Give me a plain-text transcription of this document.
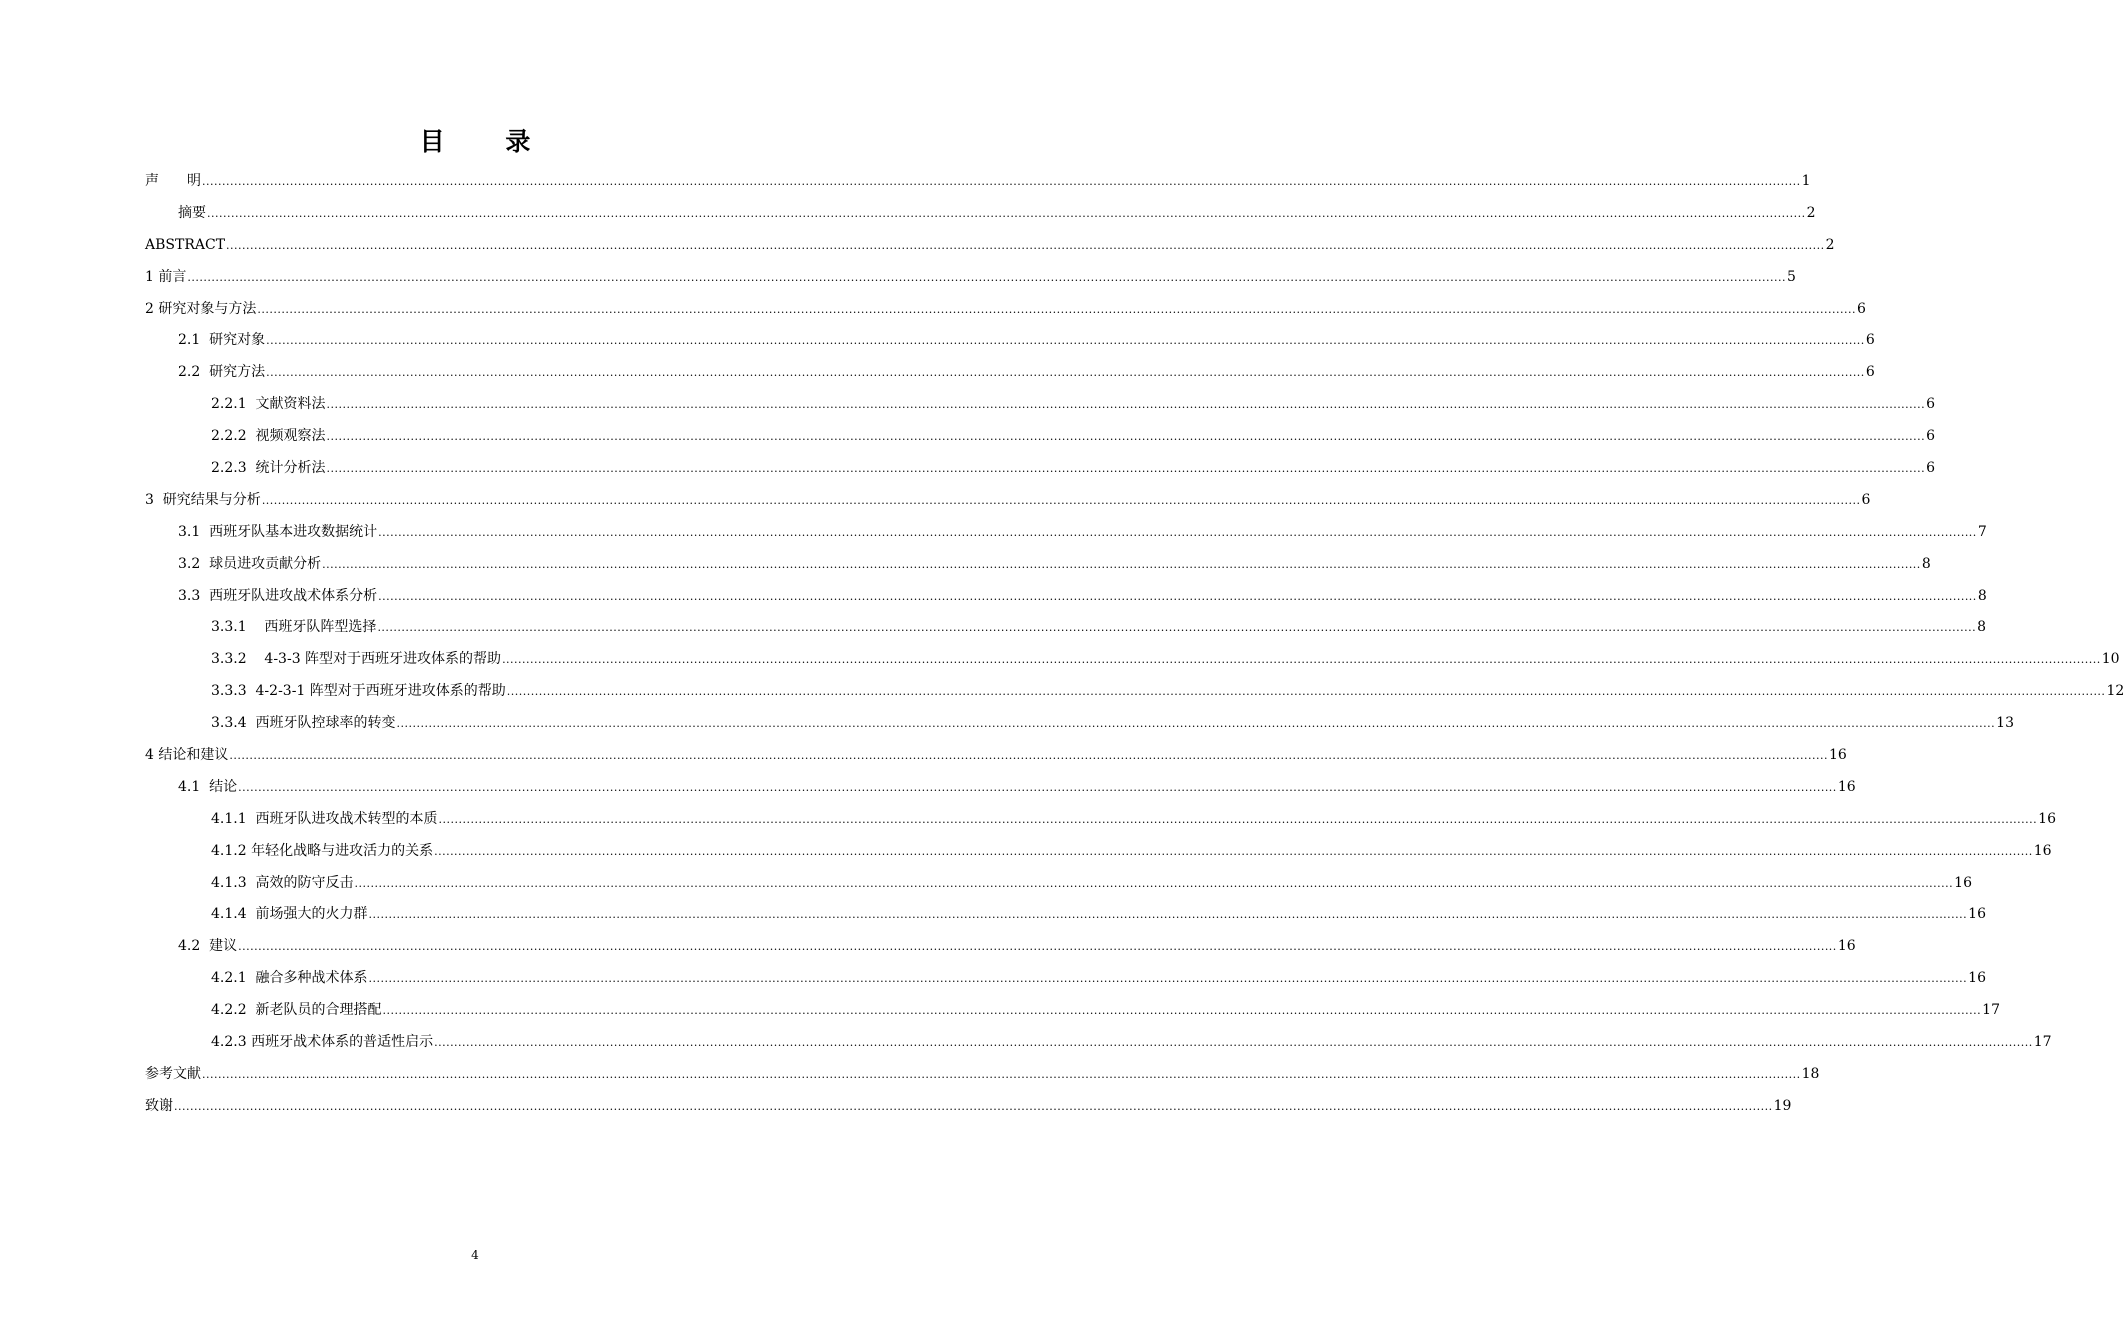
目 录
声　　明 ................................................................................................................................................................................................................................................................................................................................................................................................................ 1
摘要 ................................................................................................................................................................................................................................................................................................................................................................................................................ 2
ABSTRACT ................................................................................................................................................................................................................................................................................................................................................................................................................ 2
1 前言 ................................................................................................................................................................................................................................................................................................................................................................................................................ 5
2 研究对象与方法 ................................................................................................................................................................................................................................................................................................................................................................................................................ 6
2.1  研究对象 ................................................................................................................................................................................................................................................................................................................................................................................................................ 6
2.2  研究方法 ................................................................................................................................................................................................................................................................................................................................................................................................................ 6
2.2.1  文献资料法 ................................................................................................................................................................................................................................................................................................................................................................................................................ 6
2.2.2  视频观察法 ................................................................................................................................................................................................................................................................................................................................................................................................................ 6
2.2.3  统计分析法 ................................................................................................................................................................................................................................................................................................................................................................................................................ 6
3  研究结果与分析 ................................................................................................................................................................................................................................................................................................................................................................................................................ 6
3.1  西班牙队基本进攻数据统计 ................................................................................................................................................................................................................................................................................................................................................................................................................ 7
3.2  球员进攻贡献分析 ................................................................................................................................................................................................................................................................................................................................................................................................................ 8
3.3  西班牙队进攻战术体系分析 ................................................................................................................................................................................................................................................................................................................................................................................................................ 8
3.3.1    西班牙队阵型选择 ................................................................................................................................................................................................................................................................................................................................................................................................................ 8
3.3.2    4-3-3 阵型对于西班牙进攻体系的帮助 ................................................................................................................................................................................................................................................................................................................................................................................................................ 10
3.3.3  4-2-3-1 阵型对于西班牙进攻体系的帮助 ................................................................................................................................................................................................................................................................................................................................................................................................................ 12
3.3.4  西班牙队控球率的转变 ................................................................................................................................................................................................................................................................................................................................................................................................................ 13
4 结论和建议 ................................................................................................................................................................................................................................................................................................................................................................................................................ 16
4.1  结论 ................................................................................................................................................................................................................................................................................................................................................................................................................ 16
4.1.1  西班牙队进攻战术转型的本质 ................................................................................................................................................................................................................................................................................................................................................................................................................ 16
4.1.2 年轻化战略与进攻活力的关系 ................................................................................................................................................................................................................................................................................................................................................................................................................ 16
4.1.3  高效的防守反击 ................................................................................................................................................................................................................................................................................................................................................................................................................ 16
4.1.4  前场强大的火力群 ................................................................................................................................................................................................................................................................................................................................................................................................................ 16
4.2  建议 ................................................................................................................................................................................................................................................................................................................................................................................................................ 16
4.2.1  融合多种战术体系 ................................................................................................................................................................................................................................................................................................................................................................................................................ 16
4.2.2  新老队员的合理搭配 ................................................................................................................................................................................................................................................................................................................................................................................................................ 17
4.2.3 西班牙战术体系的普适性启示 ................................................................................................................................................................................................................................................................................................................................................................................................................ 17
参考文献 ................................................................................................................................................................................................................................................................................................................................................................................................................ 18
致谢 ................................................................................................................................................................................................................................................................................................................................................................................................................ 19
4
